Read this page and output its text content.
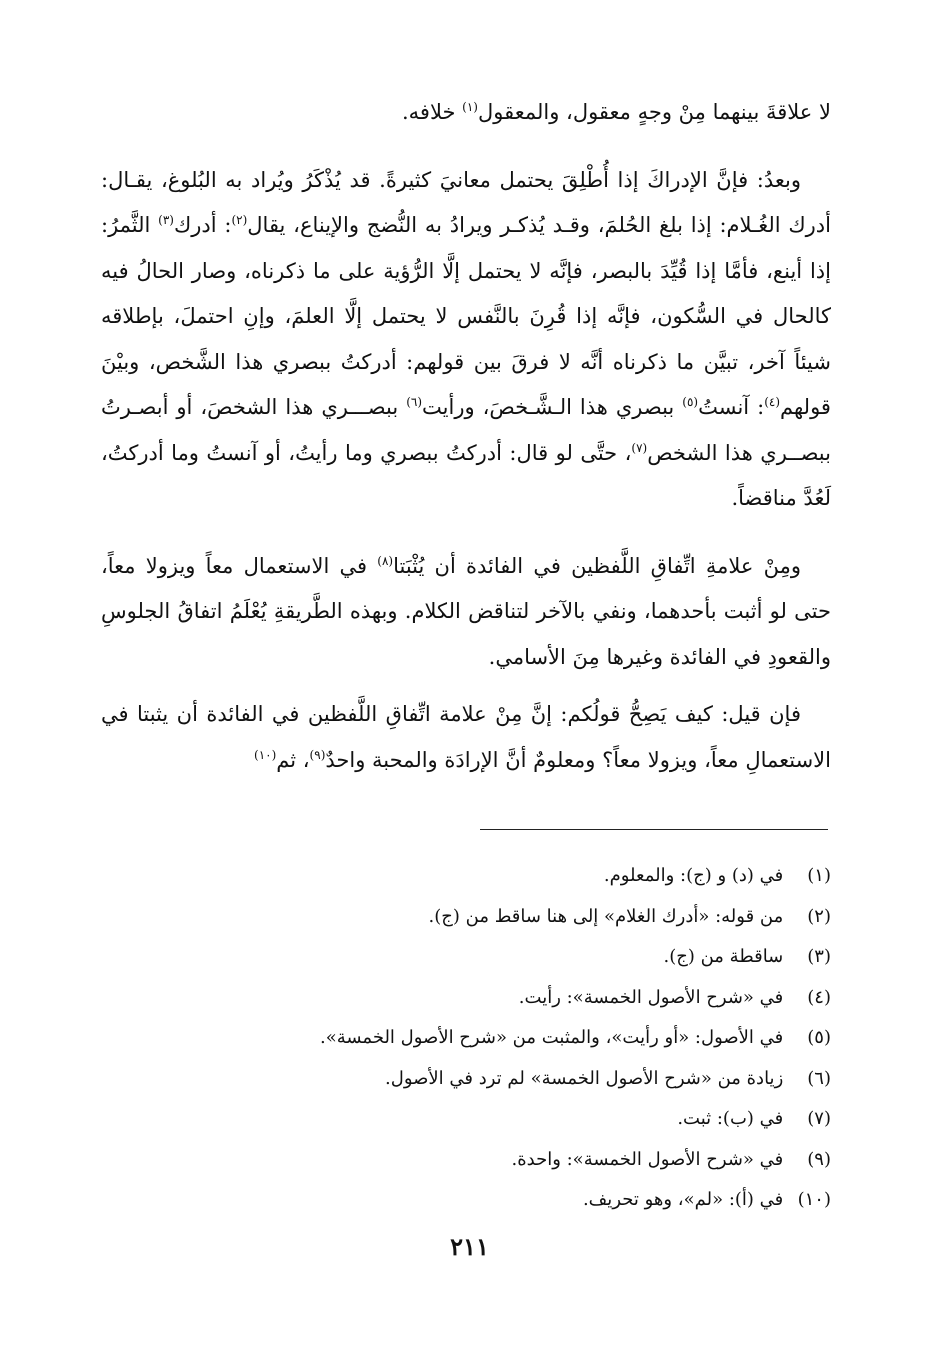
لا علاقةَ بينهما مِنْ وجهٍ معقول، والمعقول$^{(١)}$ خلافه.

وبعدُ: فإنَّ الإدراكَ إذا أُطْلِقَ يحتمل معانيَ كثيرةً. قد يُذْكَرُ ويُراد به البُلوغ، يقـال: أدرك الغُـلام: إذا بلغ الحُلمَ، وقـد يُذكـر ويرادُ به النُّضج والإيناع، يقال$^{(٢)}$: أدرك$^{(٣)}$ الثَّمرُ: إذا أينع، فأمَّا إذا قُيِّدَ بالبصر، فإنَّه لا يحتمل إلَّا الرُّؤية على ما ذكرناه، وصار الحالُ فيه كالحال في السُّكون، فإنَّه إذا قُرِنَ بالنَّفس لا يحتمل إلَّا العلمَ، وإنِ احتملَ، بإطلاقه شيئاً آخر، تبيَّن ما ذكرناه أنَّه لا فرقَ بين قولهم: أدركتُ ببصري هذا الشَّخص، وبيْنَ قولهم$^{(٤)}$: آنستُ$^{(٥)}$ ببصري هذا الـشَّـخصَ، ورأيت$^{(٦)}$ ببصـــري هذا الشخصَ، أو أبصـرتُ ببصــري هذا الشخص$^{(٧)}$، حتَّى لو قال: أدركتُ ببصري وما رأيتُ، أو آنستُ وما أدركتُ، لَعُدَّ مناقضاً.

ومِنْ علامةِ اتِّفاقِ اللَّفظين في الفائدة أن يُثْبَتا$^{(٨)}$ في الاستعمال معاً ويزولا معاً، حتى لو أثبت بأحدهما، ونفي بالآخر لتناقض الكلام. وبهذه الطَّريقةِ يُعْلَمُ اتفاقُ الجلوسِ والقعودِ في الفائدة وغيرها مِنَ الأسامي.

فإن قيل: كيف يَصِحُّ قولُكم: إنَّ مِنْ علامة اتِّفاقِ اللَّفظين في الفائدة أن يثبتا في الاستعمالِ معاً، ويزولا معاً؟ ومعلومٌ أنَّ الإرادَة والمحبة واحدٌ$^{(٩)}$، ثم$^{(١٠)}$

(١) في (د) و (ج): والمعلوم.
(٢) من قوله: «أدرك الغلام» إلى هنا ساقط من (ج).
(٣) ساقطة من (ج).
(٤) في «شرح الأصول الخمسة»: رأيت.
(٥) في الأصول: «أو رأيت»، والمثبت من «شرح الأصول الخمسة».
(٦) زيادة من «شرح الأصول الخمسة» لم ترد في الأصول.
(٧) في (ب): ثبت.
(٩) في «شرح الأصول الخمسة»: واحدة.
(١٠) في (أ): «لم»، وهو تحريف.
٢١١
